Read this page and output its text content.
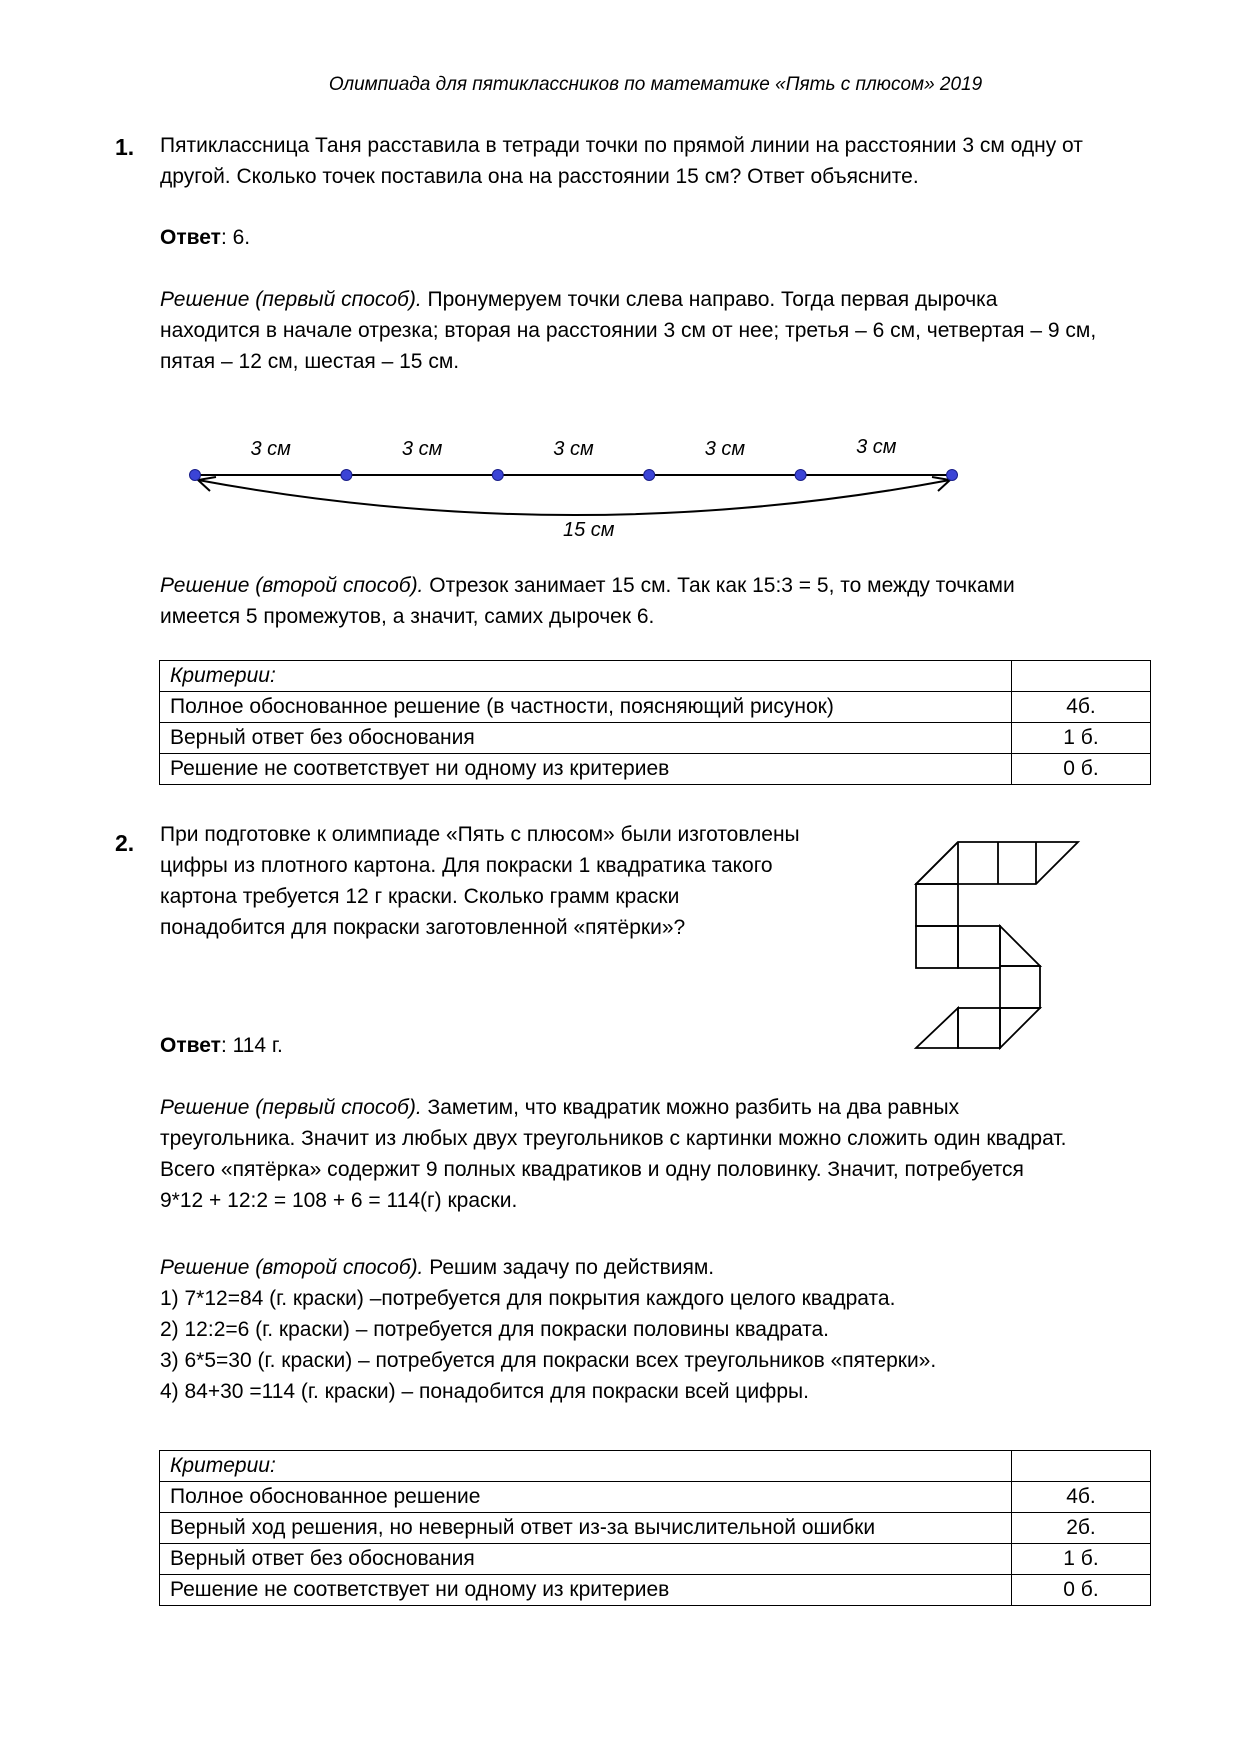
Олимпиада для пятиклассников по математике «Пять с плюсом» 2019
1. Пятиклассница Таня расставила в тетради точки по прямой линии на расстоянии 3 см одну от
другой. Сколько точек поставила она на расстоянии 15 см? Ответ объясните.
Ответ: 6.
Решение (первый способ). Пронумеруем точки слева направо. Тогда первая дырочка
находится в начале отрезка; вторая на расстоянии 3 см от нее; третья – 6 см, четвертая – 9 см,
пятая – 12 см, шестая – 15 см.
3 см	3 см	3 см	3 см	3 см
15 см
Решение (второй способ). Отрезок занимает 15 см. Так как 15:3 = 5, то между точками
имеется 5 промежутов, а значит, самих дырочек 6.
Критерии:	
Полное обоснованное решение (в частности, поясняющий рисунок)	4б.
Верный ответ без обоснования	1 б.
Решение не соответствует ни одному из критериев	0 б.
2. При подготовке к олимпиаде «Пять с плюсом» были изготовлены
цифры из плотного картона. Для покраски 1 квадратика такого
картона требуется 12 г краски. Сколько грамм краски
понадобится для покраски заготовленной «пятёрки»?
Ответ: 114 г.
Решение (первый способ). Заметим, что квадратик можно разбить на два равных
треугольника. Значит из любых двух треугольников с картинки можно сложить один квадрат.
Всего «пятёрка» содержит 9 полных квадратиков и одну половинку. Значит, потребуется
9*12 + 12:2 = 108 + 6 = 114(г) краски.
Решение (второй способ). Решим задачу по действиям.
1) 7*12=84 (г. краски) –потребуется для покрытия каждого целого квадрата.
2) 12:2=6 (г. краски) – потребуется для покраски половины квадрата.
3) 6*5=30 (г. краски) – потребуется для покраски всех треугольников «пятерки».
4) 84+30 =114 (г. краски) – понадобится для покраски всей цифры.
Критерии:	
Полное обоснованное решение	4б.
Верный ход решения, но неверный ответ из-за вычислительной ошибки	2б.
Верный ответ без обоснования	1 б.
Решение не соответствует ни одному из критериев	0 б.
